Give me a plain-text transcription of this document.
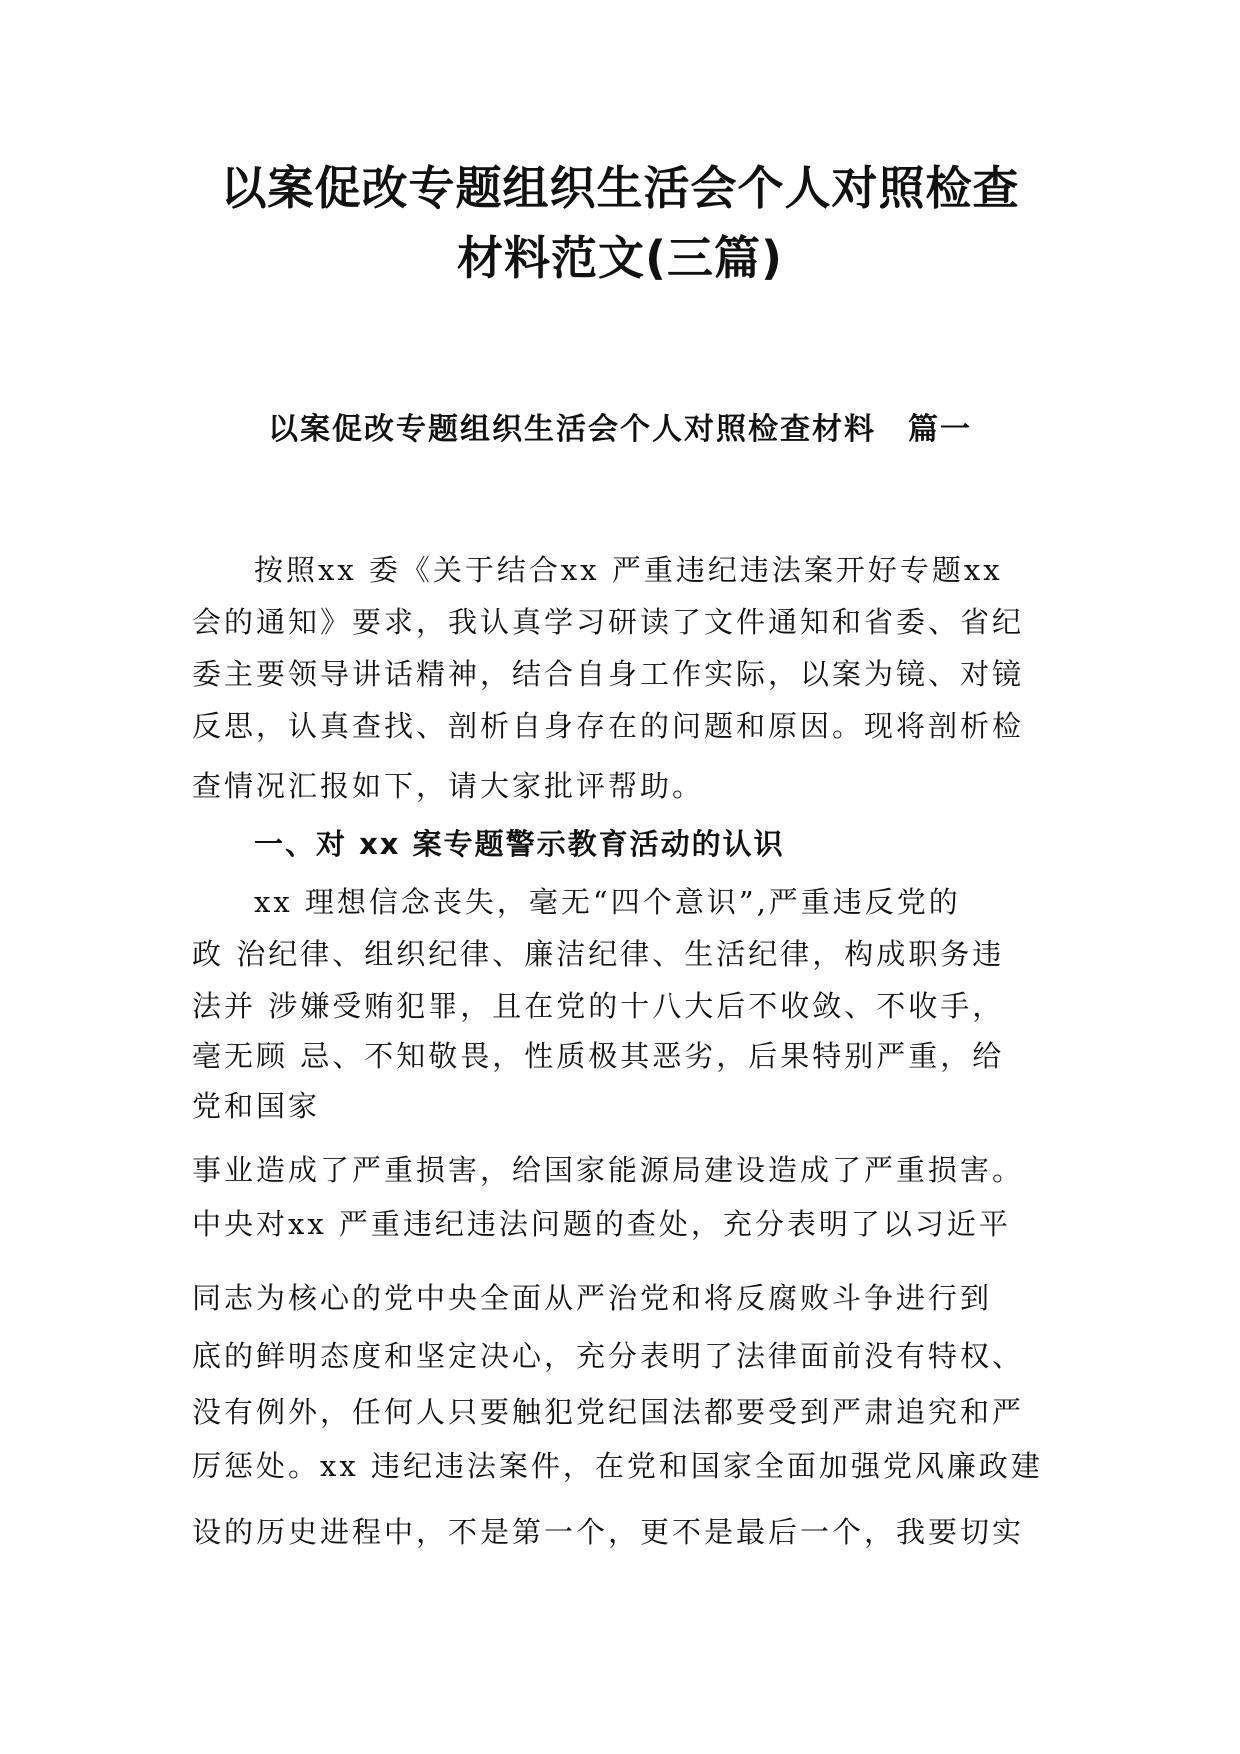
以案促改专题组织生活会个人对照检查
材料范文(三篇)
以案促改专题组织生活会个人对照检查材料　篇一
按照xx 委《关于结合xx 严重违纪违法案开好专题xx
会的通知》要求，我认真学习研读了文件通知和省委、省纪
委主要领导讲话精神，结合自身工作实际，以案为镜、对镜
反思，认真查找、剖析自身存在的问题和原因。现将剖析检
查情况汇报如下，请大家批评帮助。
一、对 xx 案专题警示教育活动的认识
xx 理想信念丧失，毫无“四个意识”,严重违反党的
政 治纪律、组织纪律、廉洁纪律、生活纪律，构成职务违
法并 涉嫌受贿犯罪，且在党的十八大后不收敛、不收手，
毫无顾 忌、不知敬畏，性质极其恶劣，后果特别严重，给
党和国家
事业造成了严重损害，给国家能源局建设造成了严重损害。
中央对xx 严重违纪违法问题的查处，充分表明了以习近平
同志为核心的党中央全面从严治党和将反腐败斗争进行到
底的鲜明态度和坚定决心，充分表明了法律面前没有特权、
没有例外，任何人只要触犯党纪国法都要受到严肃追究和严
厉惩处。xx 违纪违法案件，在党和国家全面加强党风廉政建
设的历史进程中，不是第一个，更不是最后一个，我要切实
